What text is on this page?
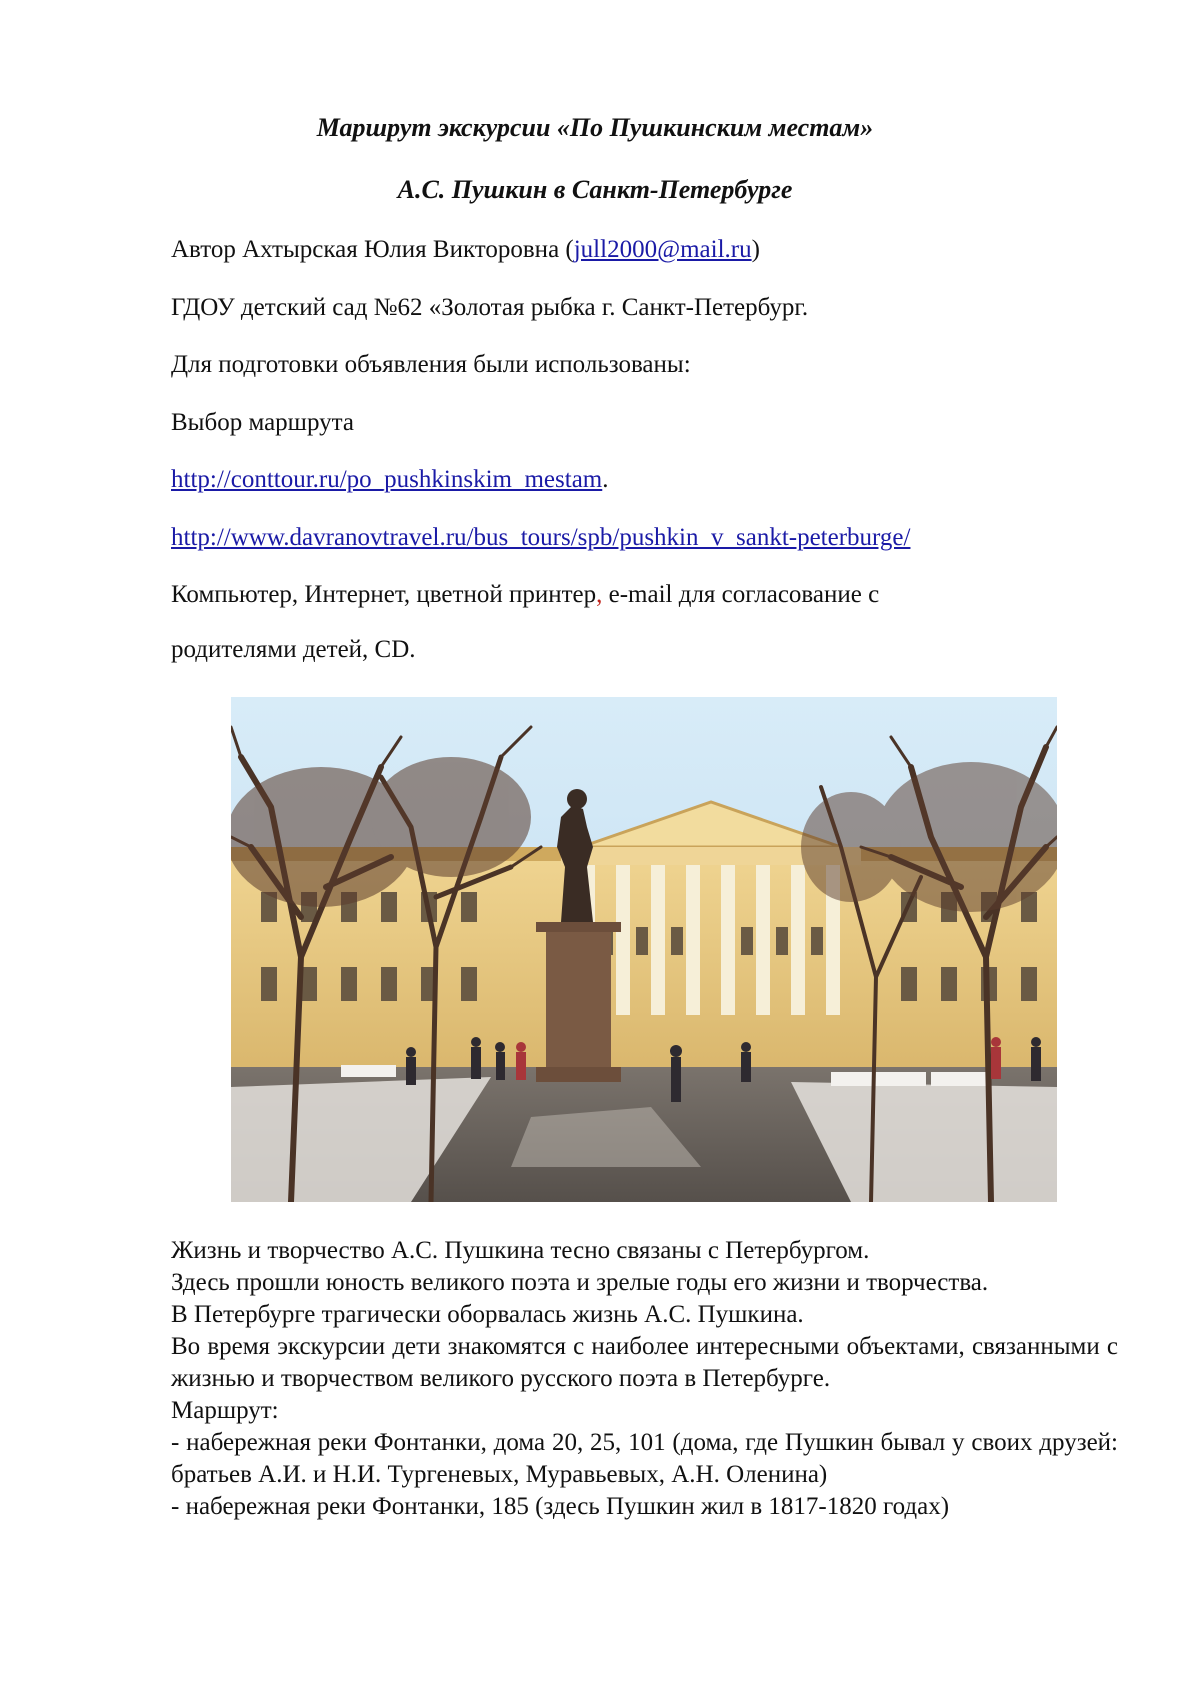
Маршрут экскурсии «По Пушкинским местам»
А.С. Пушкин в Санкт-Петербурге

Автор Ахтырская Юлия Викторовна (jull2000@mail.ru)

ГДОУ детский сад №62 «Золотая рыбка г. Санкт-Петербург.

Для подготовки объявления были использованы:

Выбор маршрута

http://conttour.ru/po_pushkinskim_mestam.

http://www.davranovtravel.ru/bus_tours/spb/pushkin_v_sankt-peterburge/

Компьютер, Интернет, цветной принтер, e-mail для согласование с

родителями детей, CD.

Жизнь и творчество А.С. Пушкина тесно связаны с Петербургом.

Здесь прошли юность великого поэта и зрелые годы его жизни и творчества.

В Петербурге трагически оборвалась жизнь А.С. Пушкина.

Во время экскурсии дети знакомятся с наиболее интересными объектами, связанными с жизнью и творчеством великого русского поэта в Петербурге.

Маршрут:

- набережная реки Фонтанки, дома 20, 25, 101 (дома, где Пушкин бывал у своих друзей: братьев А.И. и Н.И. Тургеневых, Муравьевых, А.Н. Оленина)

- набережная реки Фонтанки, 185 (здесь Пушкин жил в 1817-1820 годах)
